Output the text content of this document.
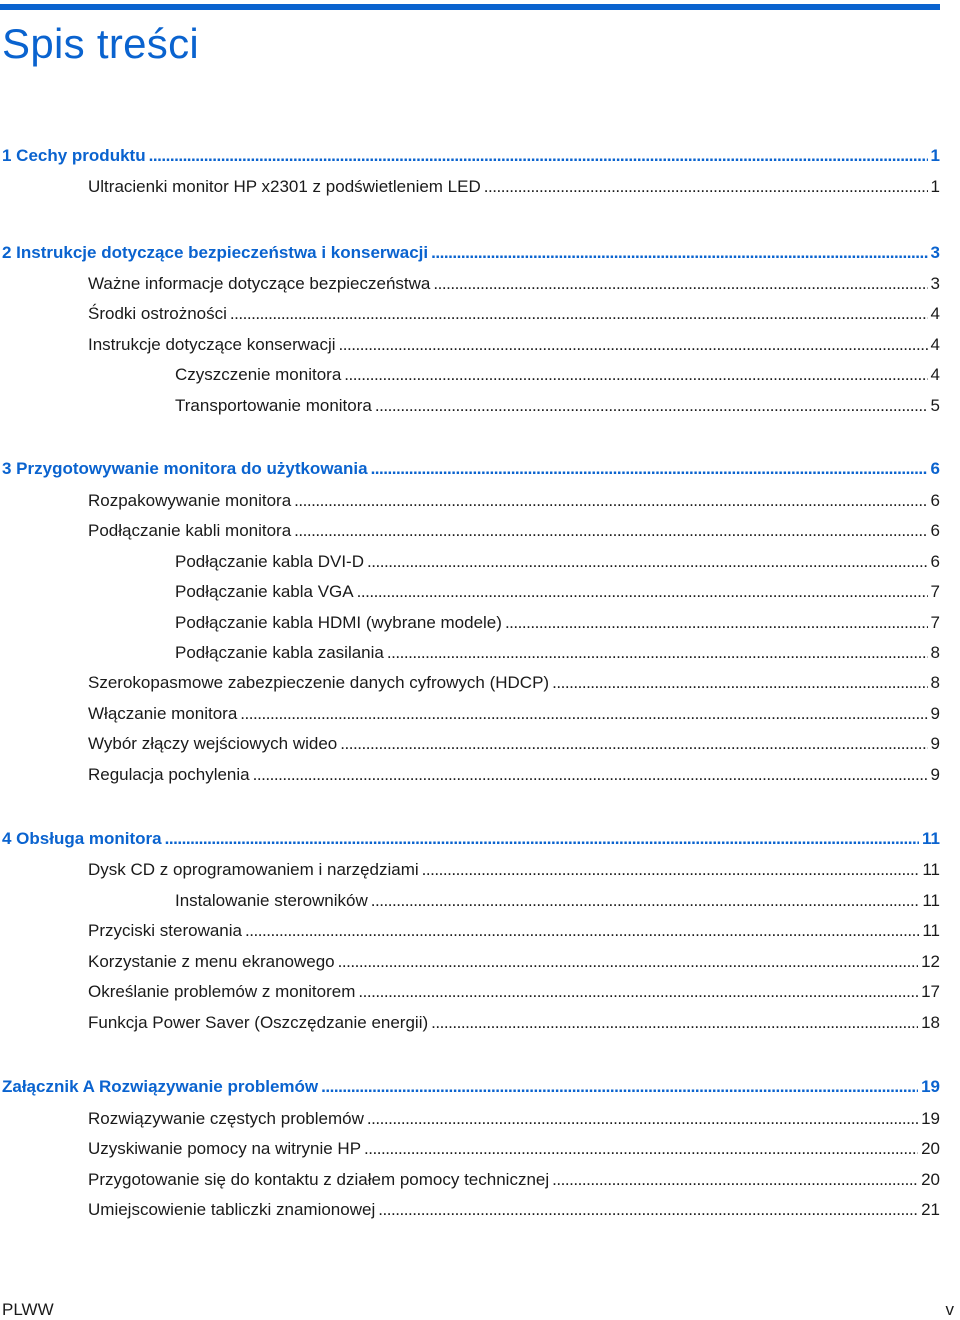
Spis treści
1 Cechy produktu . . .	1
Ultracienki monitor HP x2301 z podświetleniem LED . . .	1
2 Instrukcje dotyczące bezpieczeństwa i konserwacji . . .	3
Ważne informacje dotyczące bezpieczeństwa . . .	3
Środki ostrożności . . .	4
Instrukcje dotyczące konserwacji . . .	4
Czyszczenie monitora . . .	4
Transportowanie monitora . . .	5
3 Przygotowywanie monitora do użytkowania . . .	6
Rozpakowywanie monitora . . .	6
Podłączanie kabli monitora . . .	6
Podłączanie kabla DVI-D . . .	6
Podłączanie kabla VGA . . .	7
Podłączanie kabla HDMI (wybrane modele) . . .	7
Podłączanie kabla zasilania . . .	8
Szerokopasmowe zabezpieczenie danych cyfrowych (HDCP) . . .	8
Włączanie monitora . . .	9
Wybór złączy wejściowych wideo . . .	9
Regulacja pochylenia . . .	9
4 Obsługa monitora . . .	11
Dysk CD z oprogramowaniem i narzędziami . . .	11
Instalowanie sterowników . . .	11
Przyciski sterowania . . .	11
Korzystanie z menu ekranowego . . .	12
Określanie problemów z monitorem . . .	17
Funkcja Power Saver (Oszczędzanie energii) . . .	18
Załącznik A Rozwiązywanie problemów . . .	19
Rozwiązywanie częstych problemów . . .	19
Uzyskiwanie pomocy na witrynie HP . . .	20
Przygotowanie się do kontaktu z działem pomocy technicznej . . .	20
Umiejscowienie tabliczki znamionowej . . .	21
PLWW	v
